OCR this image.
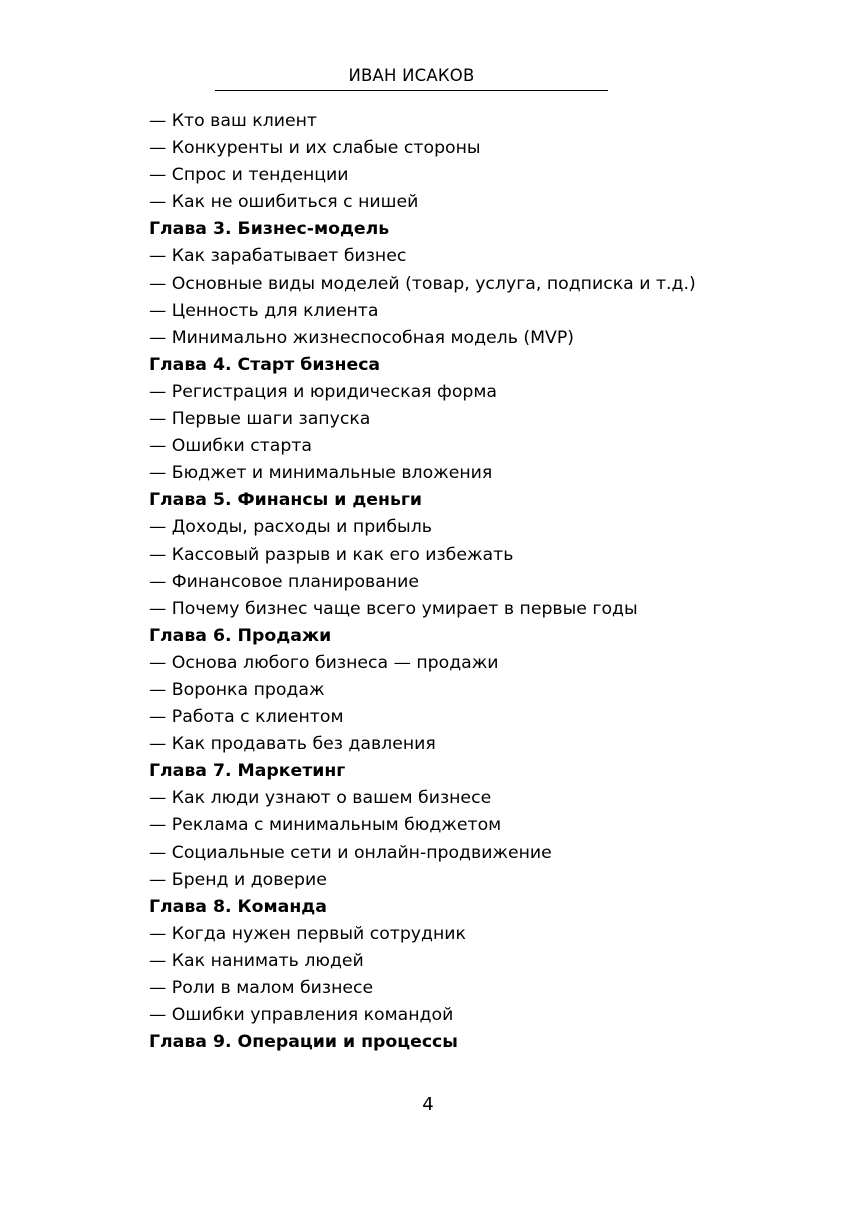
ИВАН ИСАКОВ
— Кто ваш клиент
— Конкуренты и их слабые стороны
— Спрос и тенденции
— Как не ошибиться с нишей
Глава 3. Бизнес-модель
— Как зарабатывает бизнес
— Основные виды моделей (товар, услуга, подписка и т.д.)
— Ценность для клиента
— Минимально жизнеспособная модель (MVP)
Глава 4. Старт бизнеса
— Регистрация и юридическая форма
— Первые шаги запуска
— Ошибки старта
— Бюджет и минимальные вложения
Глава 5. Финансы и деньги
— Доходы, расходы и прибыль
— Кассовый разрыв и как его избежать
— Финансовое планирование
— Почему бизнес чаще всего умирает в первые годы
Глава 6. Продажи
— Основа любого бизнеса — продажи
— Воронка продаж
— Работа с клиентом
— Как продавать без давления
Глава 7. Маркетинг
— Как люди узнают о вашем бизнесе
— Реклама с минимальным бюджетом
— Социальные сети и онлайн-продвижение
— Бренд и доверие
Глава 8. Команда
— Когда нужен первый сотрудник
— Как нанимать людей
— Роли в малом бизнесе
— Ошибки управления командой
Глава 9. Операции и процессы
4
